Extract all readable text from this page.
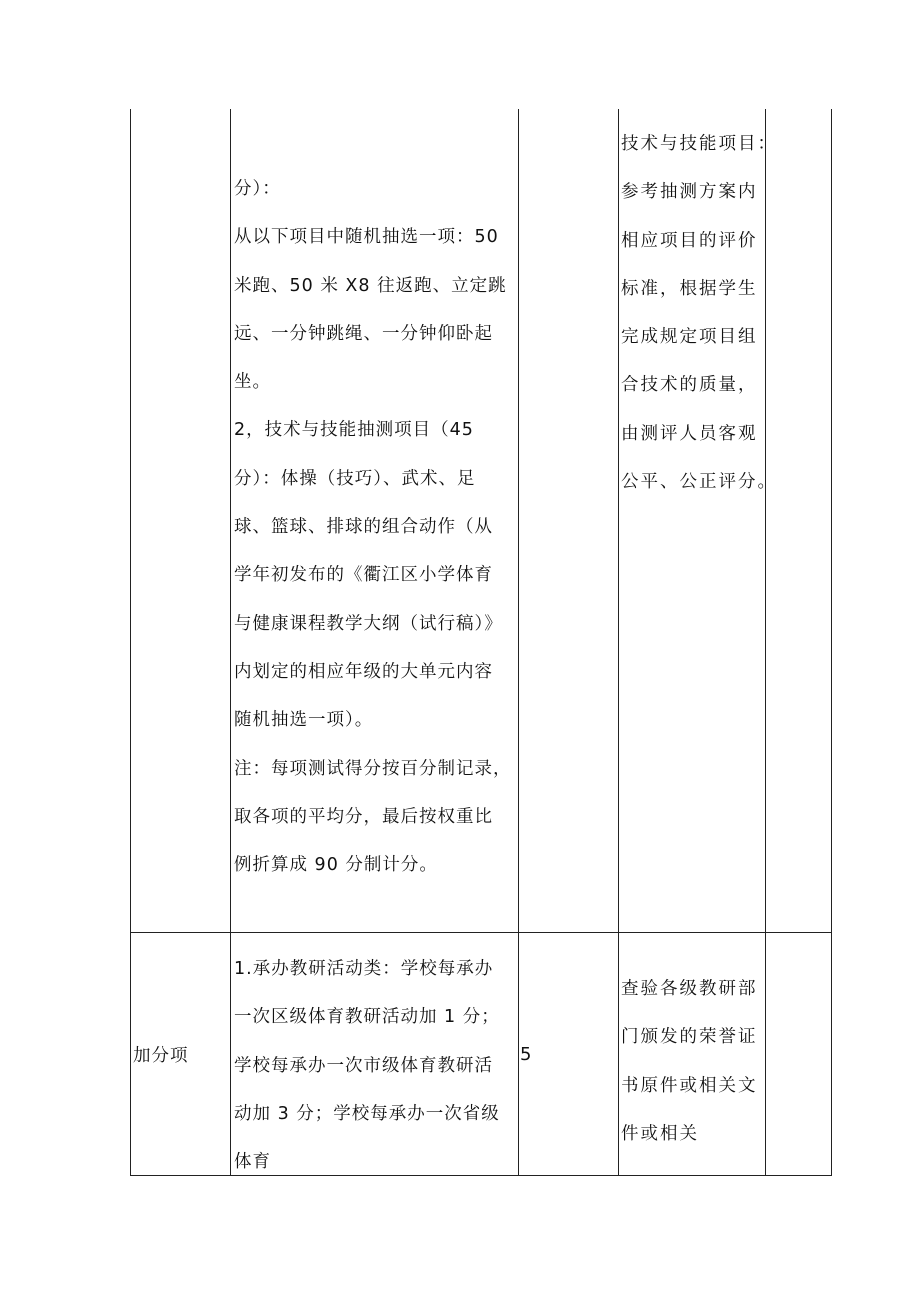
分）：
从以下项目中随机抽选一项：50
米跑、50 米 X8 往返跑、立定跳
远、一分钟跳绳、一分钟仰卧起
坐。
2，技术与技能抽测项目（45
分）：体操（技巧）、武术、足
球、篮球、排球的组合动作（从
学年初发布的《衢江区小学体育
与健康课程教学大纲（试行稿）》
内划定的相应年级的大单元内容
随机抽选一项）。
注：每项测试得分按百分制记录，
取各项的平均分，最后按权重比
例折算成 90 分制计分。
技术与技能项目：
参考抽测方案内
相应项目的评价
标准，根据学生
完成规定项目组
合技术的质量，
由测评人员客观
公平、公正评分。
加分项
1.承办教研活动类：学校每承办
一次区级体育教研活动加 1 分；
学校每承办一次市级体育教研活
动加 3 分；学校每承办一次省级
体育
5
查验各级教研部
门颁发的荣誉证
书原件或相关文
件或相关
